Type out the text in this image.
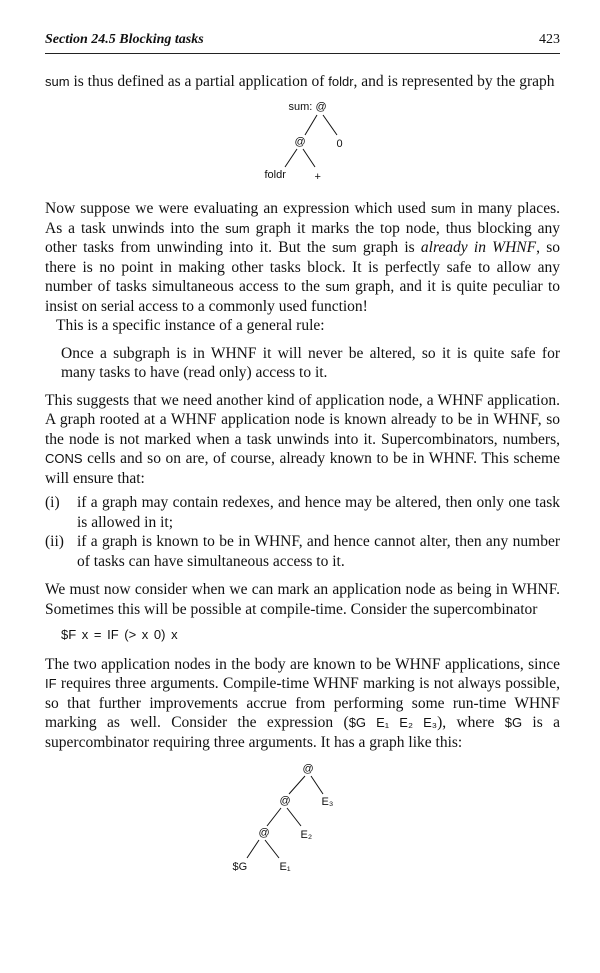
Section 24.5 Blocking tasks	423

sum is thus defined as a partial application of foldr, and is represented by the graph

sum: @
@	0
foldr	+

Now suppose we were evaluating an expression which used sum in many places. As a task unwinds into the sum graph it marks the top node, thus blocking any other tasks from unwinding into it. But the sum graph is already in WHNF, so there is no point in making other tasks block. It is perfectly safe to allow any number of tasks simultaneous access to the sum graph, and it is quite peculiar to insist on serial access to a commonly used function!

This is a specific instance of a general rule:

Once a subgraph is in WHNF it will never be altered, so it is quite safe for many tasks to have (read only) access to it.

This suggests that we need another kind of application node, a WHNF application. A graph rooted at a WHNF application node is known already to be in WHNF, so the node is not marked when a task unwinds into it. Supercombinators, numbers, CONS cells and so on are, of course, already known to be in WHNF. This scheme will ensure that:

(i)	if a graph may contain redexes, and hence may be altered, then only one task is allowed in it;
(ii) if a graph is known to be in WHNF, and hence cannot alter, then any number of tasks can have simultaneous access to it.

We must now consider when we can mark an application node as being in WHNF. Sometimes this will be possible at compile-time. Consider the supercombinator

$F x = IF (> x 0) x

The two application nodes in the body are known to be WHNF applications, since IF requires three arguments. Compile-time WHNF marking is not always possible, so that further improvements accrue from performing some run-time WHNF marking as well. Consider the expression ($G E₁ E₂ E₃), where $G is a supercombinator requiring three arguments. It has a graph like this:

@
@
@
E₃
E₂
E₁
$G
